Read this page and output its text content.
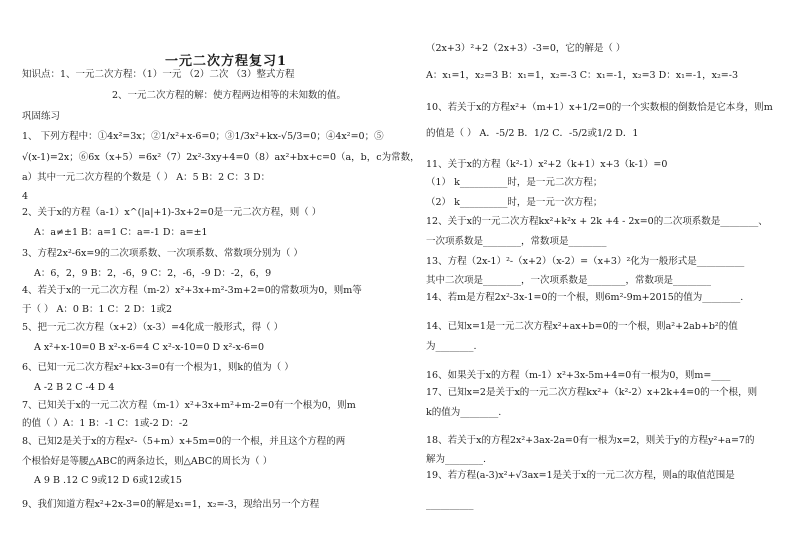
一元二次方程复习1
知识点：1、一元二次方程：（1）一元 （2）二次 （3）整式方程
2、一元二次方程的解：使方程两边相等的未知数的值。
巩固练习
1、 下列方程中：①4x²=3x；②1/x²+x-6=0；③1/3x²+kx-√5/3=0；④4x²=0；⑤
√(x-1)=2x；⑥6x（x+5）=6x²（7）2x²-3xy+4=0（8）ax²+bx+c=0（a，b，c为常数，
a）其中一元二次方程的个数是（ ） A：5 B：2 C：3 D：
4
2、关于x的方程（a-1）x^(|a|+1)-3x+2=0是一元二次方程，则（ ）
A：a≠±1 B：a=1 C：a=-1 D：a=±1
3、方程2x²-6x=9的二次项系数、一次项系数、常数项分别为（ ）
A：6，2，9 B：2，-6，9 C：2，-6，-9 D：-2，6，9
4、若关于x的一元二次方程（m-2）x²+3x+m²-3m+2=0的常数项为0，则m等
于（ ） A：0 B：1 C：2 D：1或2
5、把一元二次方程（x+2）（x-3）=4化成一般形式，得（ ）
A x²+x-10=0 B x²-x-6=4 C x²-x-10=0 D x²-x-6=0
6、已知一元二次方程x²+kx-3=0有一个根为1，则k的值为（ ）
A -2 B 2 C -4 D 4
7、已知关于x的一元二次方程（m-1）x²+3x+m²+m-2=0有一个根为0，则m
的值（ ）A：1 B：-1 C：1或-2 D：-2
8、已知2是关于x的方程x²-（5+m）x+5m=0的一个根，并且这个方程的两
个根恰好是等腰△ABC的两条边长，则△ABC的周长为（ ）
A 9 B .12 C 9或12 D 6或12或15
9、我们知道方程x²+2x-3=0的解是x₁=1，x₂=-3，现给出另一个方程
（2x+3）²+2（2x+3）-3=0，它的解是（ ）
A：x₁=1，x₂=3 B：x₁=1，x₂=-3 C：x₁=-1，x₂=3 D：x₁=-1，x₂=-3
10、若关于x的方程x²+（m+1）x+1/2=0的一个实数根的倒数恰是它本身，则m
的值是（ ） A．-5/2 B．1/2 C．-5/2或1/2 D．1
11、关于x的方程（k²-1）x²+2（k+1）x+3（k-1）=0
（1） k__________时，是一元二次方程；
（2） k__________时，是一元一次方程；
12、关于x的一元二次方程kx²+k²x + 2k +4 - 2x=0的二次项系数是________、
一次项系数是________，常数项是________
13、方程（2x-1）²-（x+2）（x-2）=（x+3）²化为一般形式是__________
其中二次项是________，一次项系数是________，常数项是________
14、若m是方程2x²-3x-1=0的一个根，则6m²-9m+2015的值为________.
14、已知x=1是一元二次方程x²+ax+b=0的一个根，则a²+2ab+b²的值
为________.
16、如果关于x的方程（m-1）x²+3x-5m+4=0有一根为0，则m=____
17、已知x=2是关于x的一元二次方程kx²+（k²-2）x+2k+4=0的一个根，则
k的值为________.
18、若关于x的方程2x²+3ax-2a=0有一根为x=2，则关于y的方程y²+a=7的
解为________.
19、若方程(a-3)x²+√3ax=1是关于x的一元二次方程，则a的取值范围是
__________
